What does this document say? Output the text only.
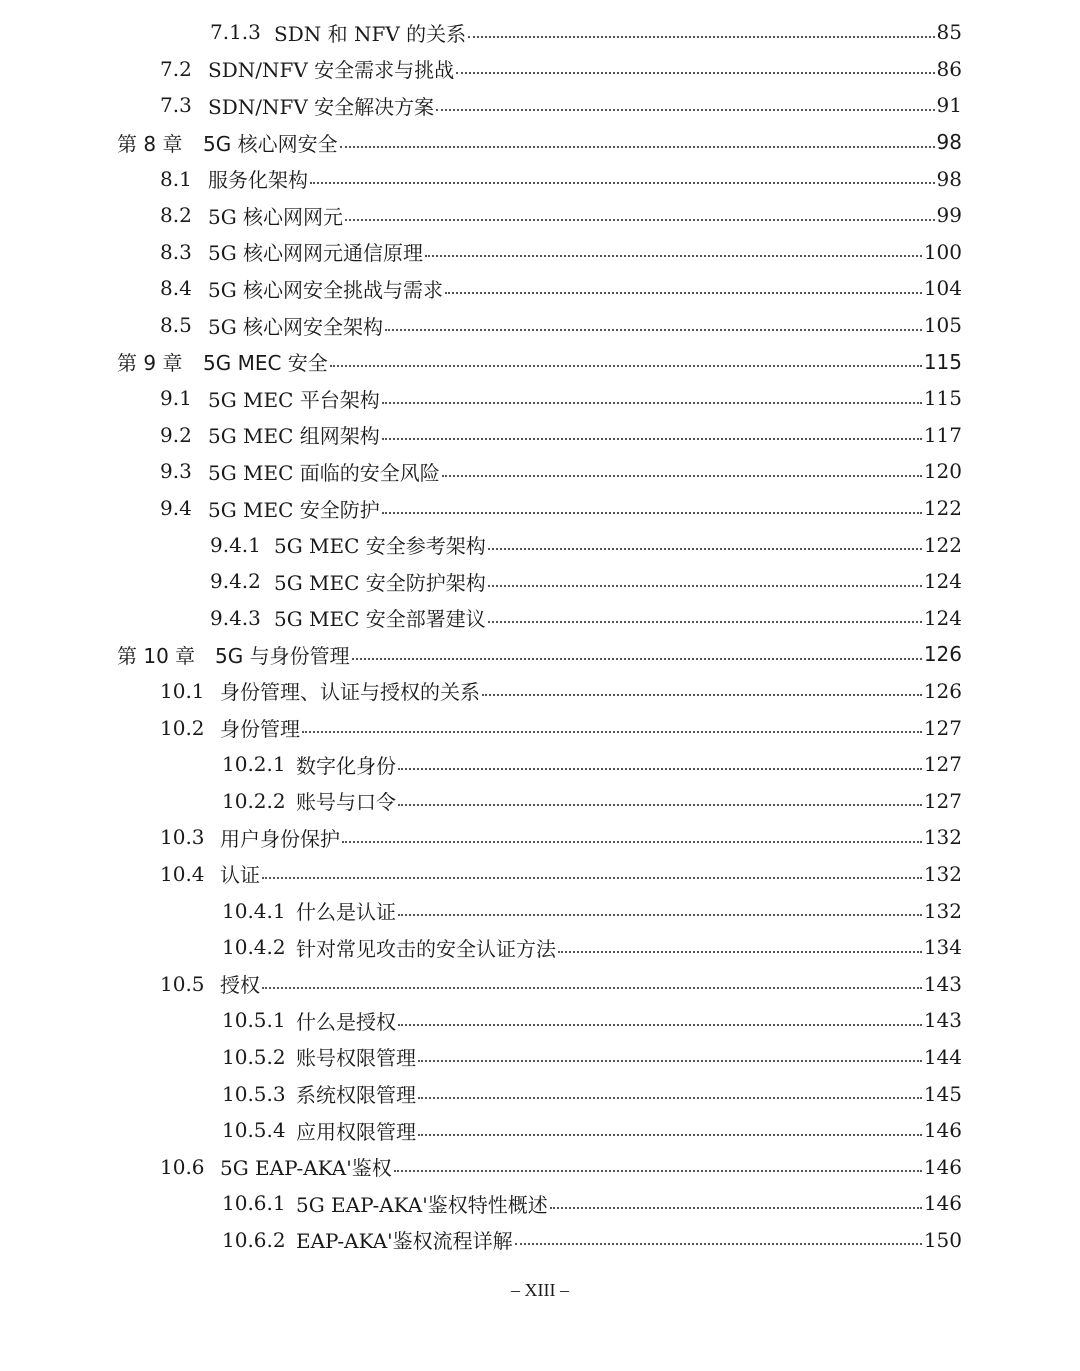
7.1.3 SDN 和 NFV 的关系	85
7.2 SDN/NFV 安全需求与挑战	86
7.3 SDN/NFV 安全解决方案	91
第 8 章	5G 核心网安全	98
8.1 服务化架构	98
8.2 5G 核心网网元	99
8.3 5G 核心网网元通信原理	100
8.4 5G 核心网安全挑战与需求	104
8.5 5G 核心网安全架构	105
第 9 章	5G MEC 安全	115
9.1 5G MEC 平台架构	115
9.2 5G MEC 组网架构	117
9.3 5G MEC 面临的安全风险	120
9.4 5G MEC 安全防护	122
9.4.1 5G MEC 安全参考架构	122
9.4.2 5G MEC 安全防护架构	124
9.4.3 5G MEC 安全部署建议	124
第 10 章 5G 与身份管理	126
10.1 身份管理、认证与授权的关系	126
10.2 身份管理	127
10.2.1 数字化身份	127
10.2.2 账号与口令	127
10.3 用户身份保护	132
10.4 认证	132
10.4.1 什么是认证	132
10.4.2 针对常见攻击的安全认证方法	134
10.5 授权	143
10.5.1 什么是授权	143
10.5.2 账号权限管理	144
10.5.3 系统权限管理	145
10.5.4 应用权限管理	146
10.6 5G EAP-AKA'鉴权	146
10.6.1 5G EAP-AKA'鉴权特性概述	146
10.6.2 EAP-AKA'鉴权流程详解	150
– XIII –
